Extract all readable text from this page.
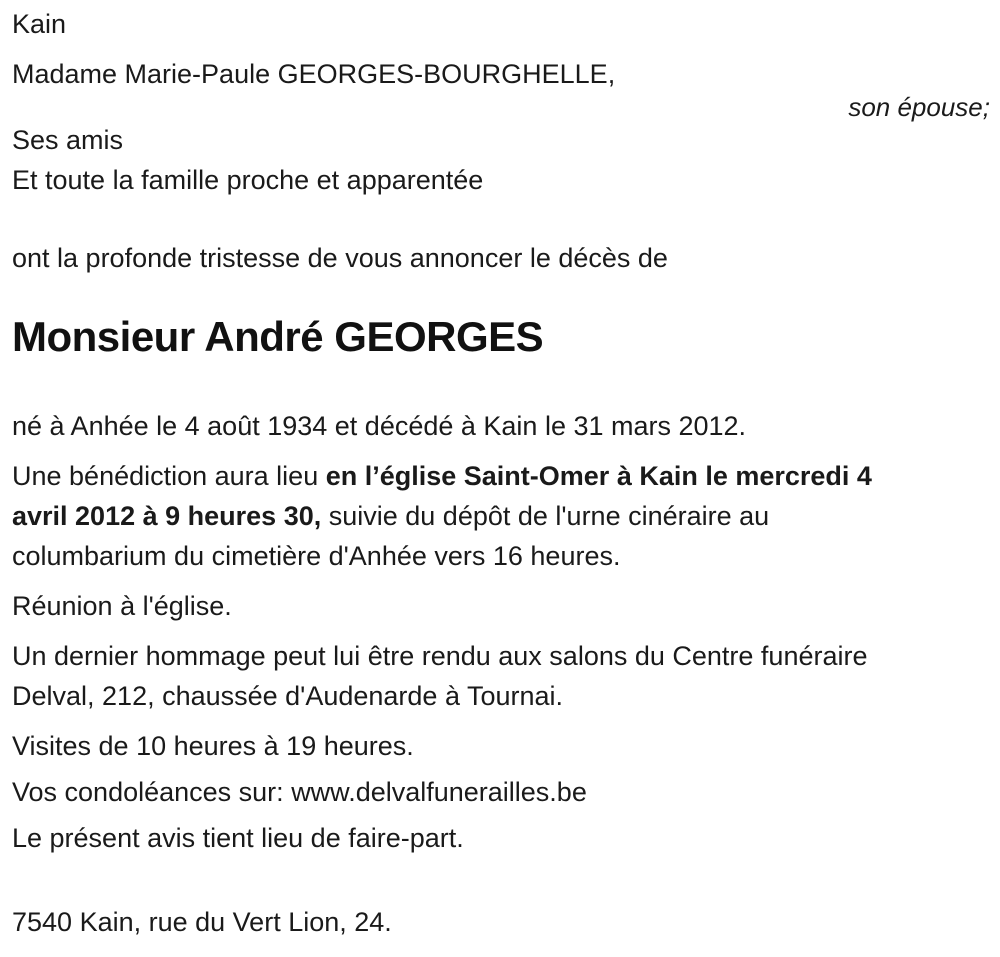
Kain

Madame Marie-Paule GEORGES-BOURGHELLE,

son épouse;

Ses amis

Et toute la famille proche et apparentée

ont la profonde tristesse de vous annoncer le décès de

Monsieur André GEORGES

né à Anhée le 4 août 1934 et décédé à Kain le 31 mars 2012.

Une bénédiction aura lieu en l’église Saint-Omer à Kain le mercredi 4
avril 2012 à 9 heures 30, suivie du dépôt de l'urne cinéraire au
columbarium du cimetière d'Anhée vers 16 heures.

Réunion à l'église.

Un dernier hommage peut lui être rendu aux salons du Centre funéraire
Delval, 212, chaussée d'Audenarde à Tournai.

Visites de 10 heures à 19 heures.

Vos condoléances sur: www.delvalfunerailles.be

Le présent avis tient lieu de faire-part.

7540 Kain, rue du Vert Lion, 24.
